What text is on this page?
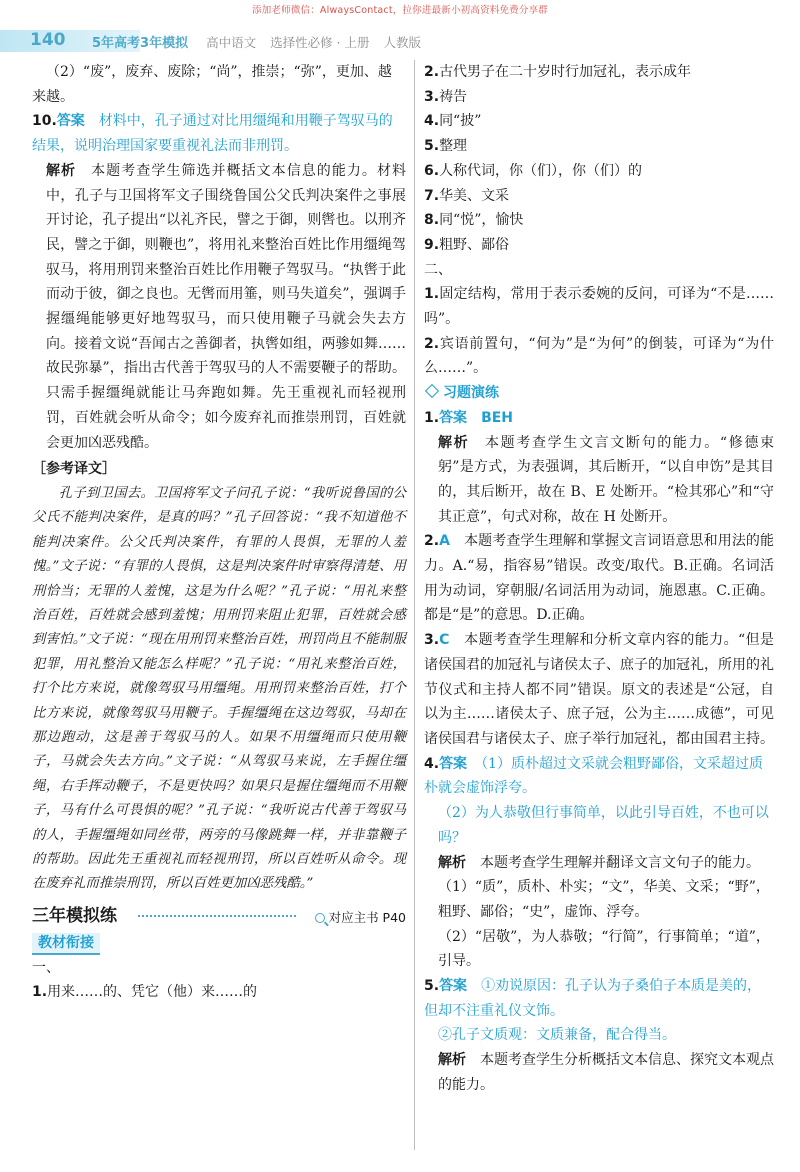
添加老师微信：AlwaysContact，拉你进最新小初高资料免费分享群
140 5年高考3年模拟 高中语文 选择性必修 · 上册 人教版

（2）“废”，废弃、废除；“尚”，推崇；“弥”，更加、越

来越。

10.答案　 材料中，孔子通过对比用缰绳和用鞭子驾驭马的结果，说明治理国家要重视礼法而非刑罚。

解析　 本题考查学生筛选并概括文本信息的能力。材料中，孔子与卫国将军文子围绕鲁国公父氏判决案件之事展开讨论，孔子提出“以礼齐民，譬之于御，则辔也。以刑齐民，譬之于御，则鞭也”，将用礼来整治百姓比作用缰绳驾驭马，将用刑罚来整治百姓比作用鞭子驾驭马。“执辔于此而动于彼，御之良也。无辔而用箠，则马失道矣”，强调手握缰绳能够更好地驾驭马，而只使用鞭子马就会失去方向。接着文说“吾闻古之善御者，执辔如组，两骖如舞……故民弥暴”，指出古代善于驾驭马的人不需要鞭子的帮助。只需手握缰绳就能让马奔跑如舞。先王重视礼而轻视刑罚，百姓就会听从命令；如今废弃礼而推崇刑罚，百姓就会更加凶恶残酷。

［参考译文］

孔子到卫国去。卫国将军文子问孔子说：“我听说鲁国的公父氏不能判决案件，是真的吗？”孔子回答说：“我不知道他不能判决案件。公父氏判决案件，有罪的人畏惧，无罪的人羞愧。”文子说：“有罪的人畏惧，这是判决案件时审察得清楚、用刑恰当；无罪的人羞愧，这是为什么呢？”孔子说：“用礼来整治百姓，百姓就会感到羞愧；用刑罚来阻止犯罪，百姓就会感到害怕。”文子说：“现在用刑罚来整治百姓，刑罚尚且不能制服犯罪，用礼整治又能怎么样呢？”孔子说：“用礼来整治百姓，打个比方来说，就像驾驭马用缰绳。用刑罚来整治百姓，打个比方来说，就像驾驭马用鞭子。手握缰绳在这边驾驭，马却在那边跑动，这是善于驾驭马的人。如果不用缰绳而只使用鞭子，马就会失去方向。”文子说：“从驾驭马来说，左手握住缰绳，右手挥动鞭子，不是更快吗？如果只是握住缰绳而不用鞭子，马有什么可畏惧的呢？”孔子说：“我听说古代善于驾驭马的人，手握缰绳如同丝带，两旁的马像跳舞一样，并非靠鞭子的帮助。因此先王重视礼而轻视刑罚，所以百姓听从命令。现在废弃礼而推崇刑罚，所以百姓更加凶恶残酷。”

三年模拟练	对应主书 P40

教材衔接

一、

1.用来……的、凭它（他）来……的

2.古代男子在二十岁时行加冠礼，表示成年

3.祷告

4.同“披”

5.整理

6.人称代词，你（们），你（们）的

7.华美、文采

8.同“悦”，愉快

9.粗野、鄙俗

二、

1.固定结构，常用于表示委婉的反问，可译为“不是……吗”。

2.宾语前置句，“何为”是“为何”的倒装，可译为“为什么……”。

习题演练

1.答案　 BEH

解析　 本题考查学生文言文断句的能力。“修德束躬”是方式，为表强调，其后断开，“以自申饬”是其目的，其后断开，故在 B、E 处断开。“检其邪心”和“守其正意”，句式对称，故在 H 处断开。

2.A　 本题考查学生理解和掌握文言词语意思和用法的能力。A.“易，指容易”错误。改变/取代。B.正确。名词活用为动词，穿朝服/名词活用为动词，施恩惠。C.正确。都是“是”的意思。D.正确。

3.C　 本题考查学生理解和分析文章内容的能力。“但是诸侯国君的加冠礼与诸侯太子、庶子的加冠礼，所用的礼节仪式和主持人都不同”错误。原文的表述是“公冠，自以为主……诸侯太子、庶子冠，公为主……成德”，可见诸侯国君与诸侯太子、庶子举行加冠礼，都由国君主持。

4.答案　 （1）质朴超过文采就会粗野鄙俗，文采超过质朴就会虚饰浮夸。

（2）为人恭敬但行事简单，以此引导百姓，不也可以吗？

解析　 本题考查学生理解并翻译文言文句子的能力。

（1）“质”，质朴、朴实；“文”，华美、文采；“野”，粗野、鄙俗；“史”，虚饰、浮夸。

（2）“居敬”，为人恭敬；“行简”，行事简单；“道”，引导。

5.答案　 ①劝说原因：孔子认为子桑伯子本质是美的，但却不注重礼仪文饰。

②孔子文质观：文质兼备，配合得当。

解析　 本题考查学生分析概括文本信息、探究文本观点的能力。
